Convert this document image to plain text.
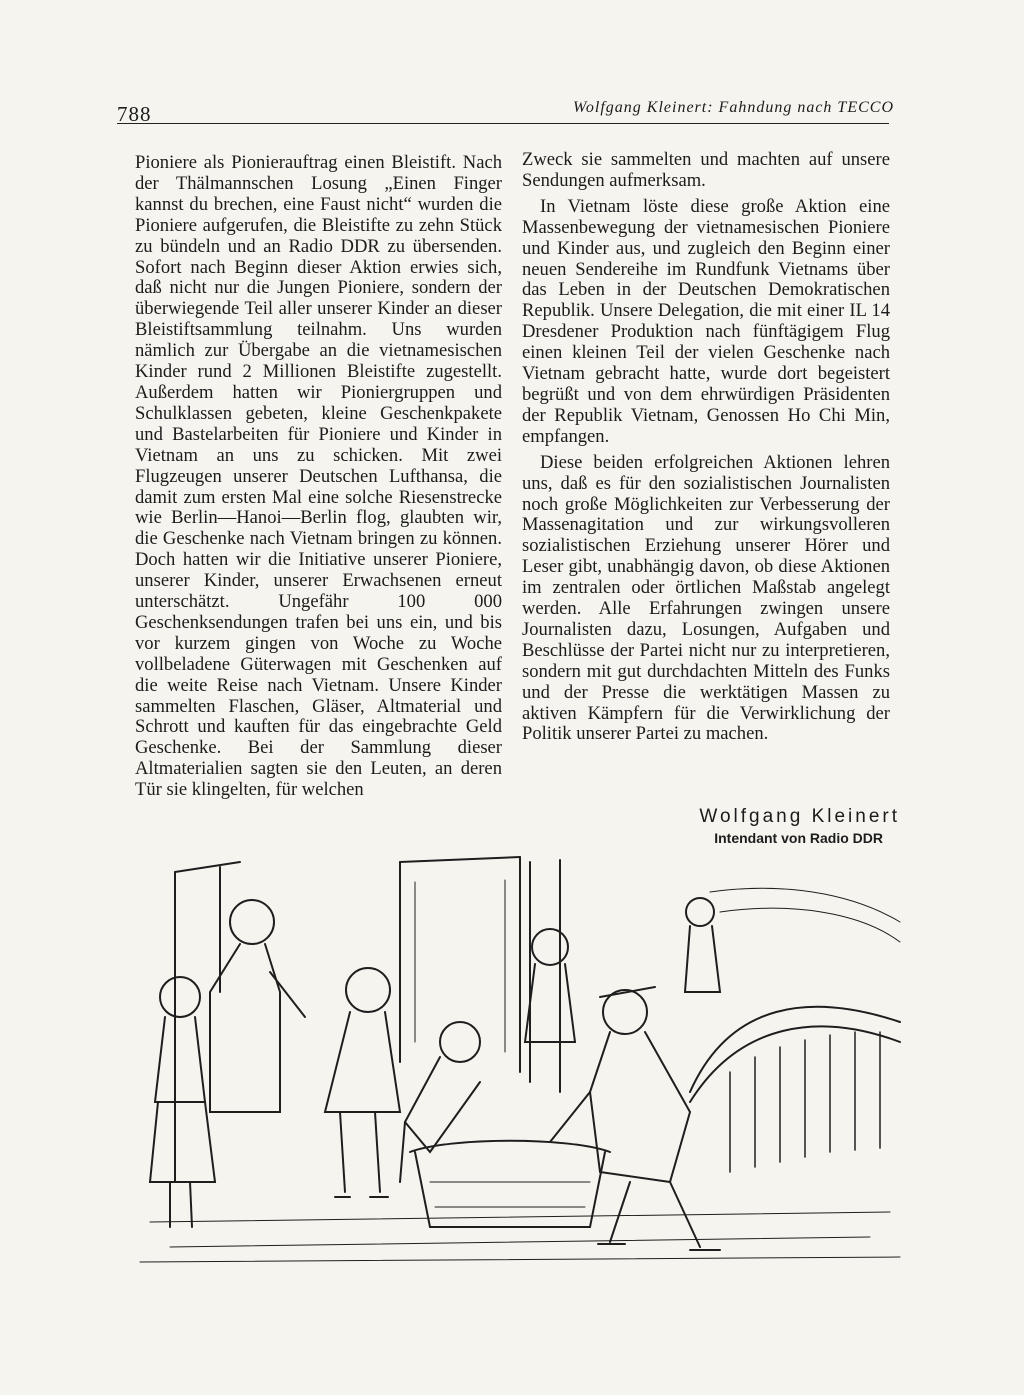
788	Wolfgang Kleinert: Fahndung nach TECCO

Pioniere als Pionierauftrag einen Bleistift. Nach der Thälmannschen Losung „Einen Finger kannst du brechen, eine Faust nicht“ wurden die Pioniere aufgerufen, die Bleistifte zu zehn Stück zu bündeln und an Radio DDR zu übersenden. Sofort nach Beginn dieser Aktion erwies sich, daß nicht nur die Jungen Pioniere, sondern der überwiegende Teil aller unserer Kinder an dieser Bleistiftsammlung teilnahm. Uns wurden nämlich zur Übergabe an die vietnamesischen Kinder rund 2 Millionen Bleistifte zugestellt. Außerdem hatten wir Pioniergruppen und Schulklassen gebeten, kleine Geschenkpakete und Bastelarbeiten für Pioniere und Kinder in Vietnam an uns zu schicken. Mit zwei Flugzeugen unserer Deutschen Lufthansa, die damit zum ersten Mal eine solche Riesenstrecke wie Berlin—Hanoi—Berlin flog, glaubten wir, die Geschenke nach Vietnam bringen zu können. Doch hatten wir die Initiative unserer Pioniere, unserer Kinder, unserer Erwachsenen erneut unterschätzt. Ungefähr 100 000 Geschenksendungen trafen bei uns ein, und bis vor kurzem gingen von Woche zu Woche vollbeladene Güterwagen mit Geschenken auf die weite Reise nach Vietnam. Unsere Kinder sammelten Flaschen, Gläser, Altmaterial und Schrott und kauften für das eingebrachte Geld Geschenke. Bei der Sammlung dieser Altmaterialien sagten sie den Leuten, an deren Tür sie klingelten, für welchen

Zweck sie sammelten und machten auf unsere Sendungen aufmerksam.

In Vietnam löste diese große Aktion eine Massenbewegung der vietnamesischen Pioniere und Kinder aus, und zugleich den Beginn einer neuen Sendereihe im Rundfunk Vietnams über das Leben in der Deutschen Demokratischen Republik. Unsere Delegation, die mit einer IL 14 Dresdener Produktion nach fünftägigem Flug einen kleinen Teil der vielen Geschenke nach Vietnam gebracht hatte, wurde dort begeistert begrüßt und von dem ehrwürdigen Präsidenten der Republik Vietnam, Genossen Ho Chi Min, empfangen.

Diese beiden erfolgreichen Aktionen lehren uns, daß es für den sozialistischen Journalisten noch große Möglichkeiten zur Verbesserung der Massenagitation und zur wirkungsvolleren sozialistischen Erziehung unserer Hörer und Leser gibt, unabhängig davon, ob diese Aktionen im zentralen oder örtlichen Maßstab angelegt werden. Alle Erfahrungen zwingen unsere Journalisten dazu, Losungen, Aufgaben und Beschlüsse der Partei nicht nur zu interpretieren, sondern mit gut durchdachten Mitteln des Funks und der Presse die werktätigen Massen zu aktiven Kämpfern für die Verwirklichung der Politik unserer Partei zu machen.

Wolfgang Kleinert
Intendant von Radio DDR
